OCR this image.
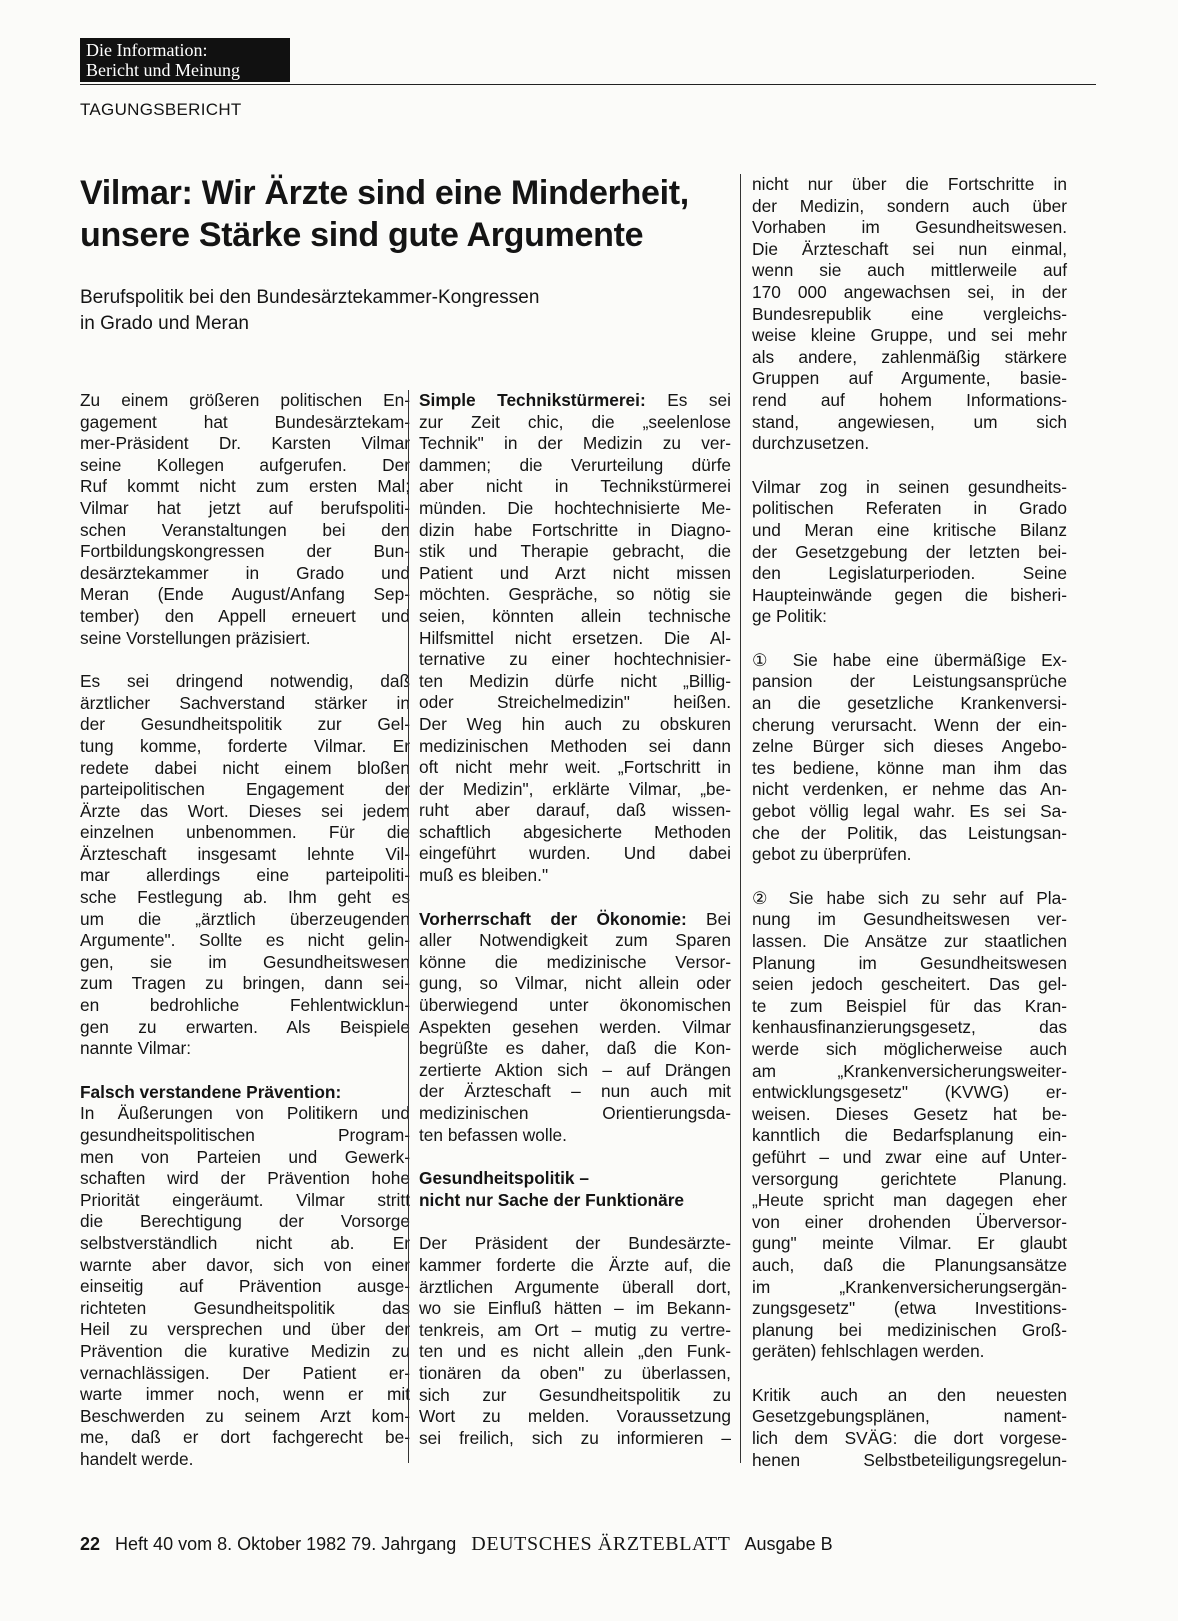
Die Information:
Bericht und Meinung
TAGUNGSBERICHT
Vilmar: Wir Ärzte sind eine Minderheit,
unsere Stärke sind gute Argumente
Berufspolitik bei den Bundesärztekammer-Kongressen
in Grado und Meran

Zu einem größeren politischen En-
gagement hat Bundesärztekam-
mer-Präsident Dr. Karsten Vilmar
seine Kollegen aufgerufen. Der
Ruf kommt nicht zum ersten Mal;
Vilmar hat jetzt auf berufspoliti-
schen Veranstaltungen bei den
Fortbildungskongressen der Bun-
desärztekammer in Grado und
Meran (Ende August/Anfang Sep-
tember) den Appell erneuert und
seine Vorstellungen präzisiert.

Es sei dringend notwendig, daß
ärztlicher Sachverstand stärker in
der Gesundheitspolitik zur Gel-
tung komme, forderte Vilmar. Er
redete dabei nicht einem bloßen
parteipolitischen Engagement der
Ärzte das Wort. Dieses sei jedem
einzelnen unbenommen. Für die
Ärzteschaft insgesamt lehnte Vil-
mar allerdings eine parteipoliti-
sche Festlegung ab. Ihm geht es
um die „ärztlich überzeugenden
Argumente". Sollte es nicht gelin-
gen, sie im Gesundheitswesen
zum Tragen zu bringen, dann sei-
en bedrohliche Fehlentwicklun-
gen zu erwarten. Als Beispiele
nannte Vilmar:

Falsch verstandene Prävention:
In Äußerungen von Politikern und
gesundheitspolitischen Program-
men von Parteien und Gewerk-
schaften wird der Prävention hohe
Priorität eingeräumt. Vilmar stritt
die Berechtigung der Vorsorge
selbstverständlich nicht ab. Er
warnte aber davor, sich von einer
einseitig auf Prävention ausge-
richteten Gesundheitspolitik das
Heil zu versprechen und über der
Prävention die kurative Medizin zu
vernachlässigen. Der Patient er-
warte immer noch, wenn er mit
Beschwerden zu seinem Arzt kom-
me, daß er dort fachgerecht be-
handelt werde.

Simple Technikstürmerei: Es sei
zur Zeit chic, die „seelenlose
Technik" in der Medizin zu ver-
dammen; die Verurteilung dürfe
aber nicht in Technikstürmerei
münden. Die hochtechnisierte Me-
dizin habe Fortschritte in Diagno-
stik und Therapie gebracht, die
Patient und Arzt nicht missen
möchten. Gespräche, so nötig sie
seien, könnten allein technische
Hilfsmittel nicht ersetzen. Die Al-
ternative zu einer hochtechnisier-
ten Medizin dürfe nicht „Billig-
oder Streichelmedizin" heißen.
Der Weg hin auch zu obskuren
medizinischen Methoden sei dann
oft nicht mehr weit. „Fortschritt in
der Medizin", erklärte Vilmar, „be-
ruht aber darauf, daß wissen-
schaftlich abgesicherte Methoden
eingeführt wurden. Und dabei
muß es bleiben."

Vorherrschaft der Ökonomie: Bei
aller Notwendigkeit zum Sparen
könne die medizinische Versor-
gung, so Vilmar, nicht allein oder
überwiegend unter ökonomischen
Aspekten gesehen werden. Vilmar
begrüßte es daher, daß die Kon-
zertierte Aktion sich – auf Drängen
der Ärzteschaft – nun auch mit
medizinischen Orientierungsda-
ten befassen wolle.

Gesundheitspolitik –
nicht nur Sache der Funktionäre

Der Präsident der Bundesärzte-
kammer forderte die Ärzte auf, die
ärztlichen Argumente überall dort,
wo sie Einfluß hätten – im Bekann-
tenkreis, am Ort – mutig zu vertre-
ten und es nicht allein „den Funk-
tionären da oben" zu überlassen,
sich zur Gesundheitspolitik zu
Wort zu melden. Voraussetzung
sei freilich, sich zu informieren –

nicht nur über die Fortschritte in
der Medizin, sondern auch über
Vorhaben im Gesundheitswesen.
Die Ärzteschaft sei nun einmal,
wenn sie auch mittlerweile auf
170 000 angewachsen sei, in der
Bundesrepublik eine vergleichs-
weise kleine Gruppe, und sei mehr
als andere, zahlenmäßig stärkere
Gruppen auf Argumente, basie-
rend auf hohem Informations-
stand, angewiesen, um sich
durchzusetzen.

Vilmar zog in seinen gesundheits-
politischen Referaten in Grado
und Meran eine kritische Bilanz
der Gesetzgebung der letzten bei-
den Legislaturperioden. Seine
Haupteinwände gegen die bisheri-
ge Politik:

① Sie habe eine übermäßige Ex-
pansion der Leistungsansprüche
an die gesetzliche Krankenversi-
cherung verursacht. Wenn der ein-
zelne Bürger sich dieses Angebo-
tes bediene, könne man ihm das
nicht verdenken, er nehme das An-
gebot völlig legal wahr. Es sei Sa-
che der Politik, das Leistungsan-
gebot zu überprüfen.

② Sie habe sich zu sehr auf Pla-
nung im Gesundheitswesen ver-
lassen. Die Ansätze zur staatlichen
Planung im Gesundheitswesen
seien jedoch gescheitert. Das gel-
te zum Beispiel für das Kran-
kenhausfinanzierungsgesetz, das
werde sich möglicherweise auch
am „Krankenversicherungsweiter-
entwicklungsgesetz" (KVWG) er-
weisen. Dieses Gesetz hat be-
kanntlich die Bedarfsplanung ein-
geführt – und zwar eine auf Unter-
versorgung gerichtete Planung.
„Heute spricht man dagegen eher
von einer drohenden Überversor-
gung" meinte Vilmar. Er glaubt
auch, daß die Planungsansätze
im „Krankenversicherungsergän-
zungsgesetz" (etwa Investitions-
planung bei medizinischen Groß-
geräten) fehlschlagen werden.

Kritik auch an den neuesten
Gesetzgebungsplänen, nament-
lich dem SVÄG: die dort vorgese-
henen Selbstbeteiligungsregelun-

22 Heft 40 vom 8. Oktober 1982 79. Jahrgang DEUTSCHES ÄRZTEBLATT Ausgabe B
